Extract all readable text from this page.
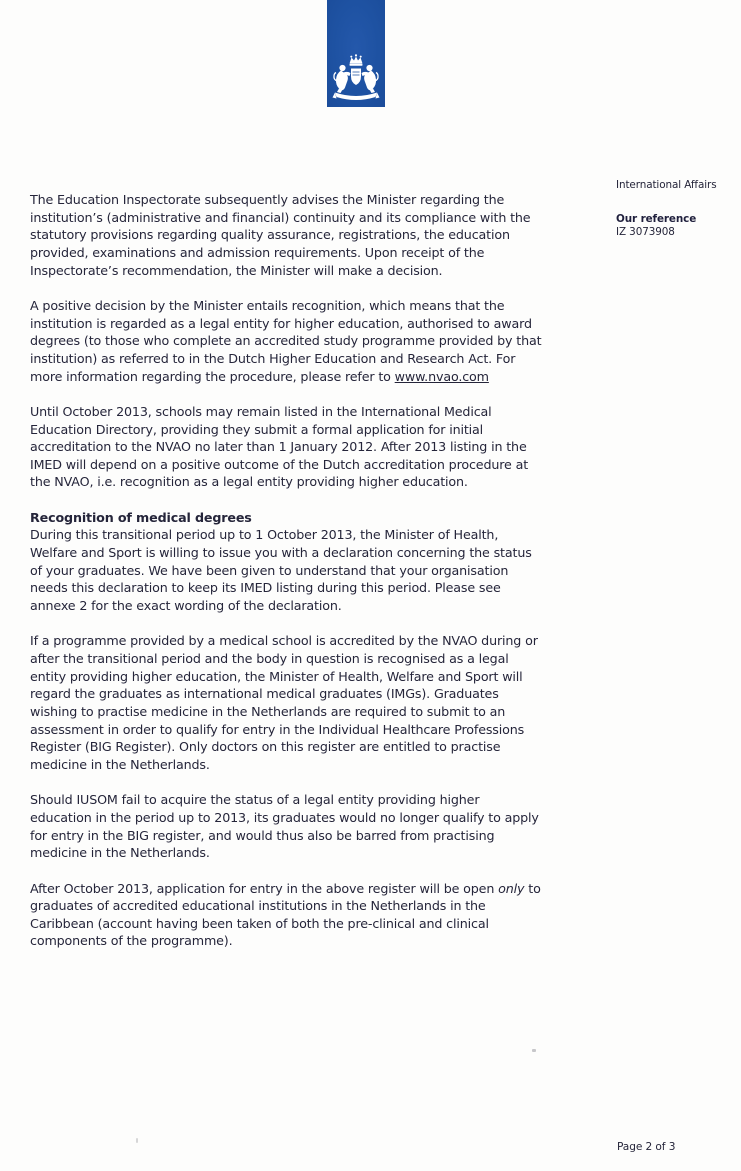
International Affairs
Our reference
IZ 3073908
The Education Inspectorate subsequently advises the Minister regarding the
institution’s (administrative and financial) continuity and its compliance with the
statutory provisions regarding quality assurance, registrations, the education
provided, examinations and admission requirements. Upon receipt of the
Inspectorate’s recommendation, the Minister will make a decision.
A positive decision by the Minister entails recognition, which means that the
institution is regarded as a legal entity for higher education, authorised to award
degrees (to those who complete an accredited study programme provided by that
institution) as referred to in the Dutch Higher Education and Research Act. For
more information regarding the procedure, please refer to www.nvao.com
Until October 2013, schools may remain listed in the International Medical
Education Directory, providing they submit a formal application for initial
accreditation to the NVAO no later than 1 January 2012. After 2013 listing in the
IMED will depend on a positive outcome of the Dutch accreditation procedure at
the NVAO, i.e. recognition as a legal entity providing higher education.
Recognition of medical degrees
During this transitional period up to 1 October 2013, the Minister of Health,
Welfare and Sport is willing to issue you with a declaration concerning the status
of your graduates. We have been given to understand that your organisation
needs this declaration to keep its IMED listing during this period. Please see
annexe 2 for the exact wording of the declaration.
If a programme provided by a medical school is accredited by the NVAO during or
after the transitional period and the body in question is recognised as a legal
entity providing higher education, the Minister of Health, Welfare and Sport will
regard the graduates as international medical graduates (IMGs). Graduates
wishing to practise medicine in the Netherlands are required to submit to an
assessment in order to qualify for entry in the Individual Healthcare Professions
Register (BIG Register). Only doctors on this register are entitled to practise
medicine in the Netherlands.
Should IUSOM fail to acquire the status of a legal entity providing higher
education in the period up to 2013, its graduates would no longer qualify to apply
for entry in the BIG register, and would thus also be barred from practising
medicine in the Netherlands.
After October 2013, application for entry in the above register will be open only to
graduates of accredited educational institutions in the Netherlands in the
Caribbean (account having been taken of both the pre-clinical and clinical
components of the programme).
Page 2 of 3
